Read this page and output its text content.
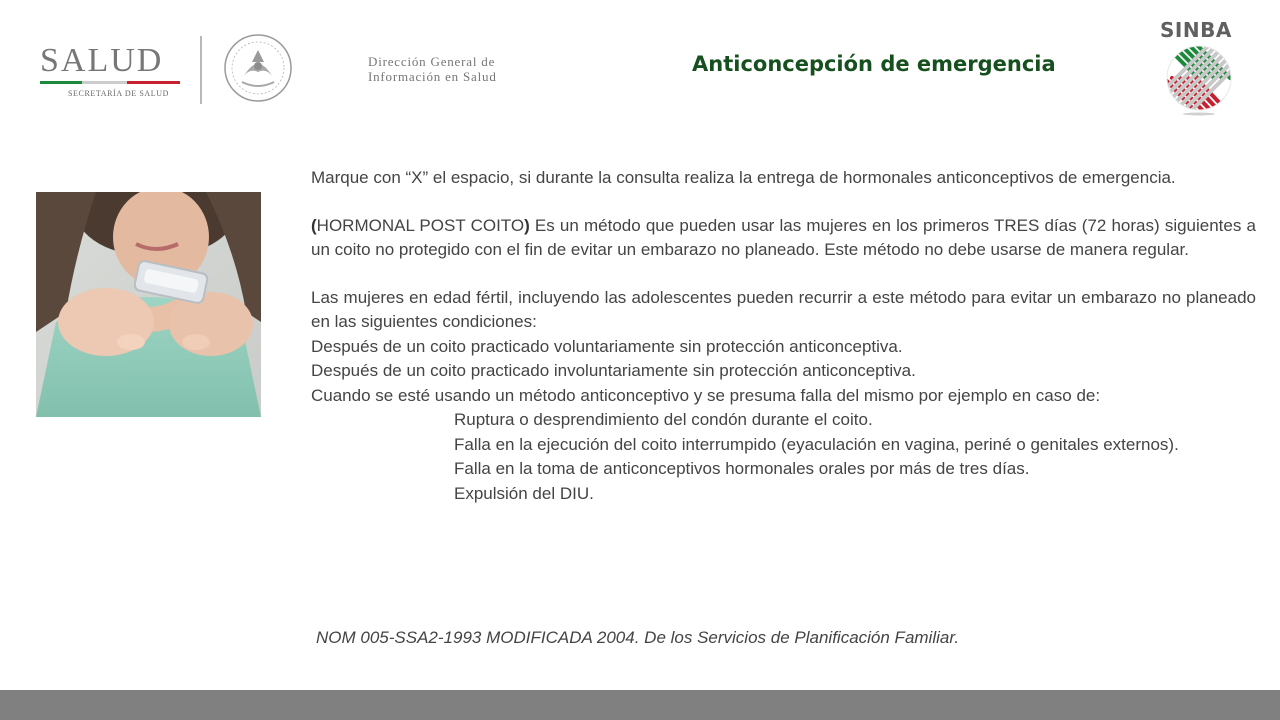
SALUD
SECRETARÍA DE SALUD
Dirección General de
Información en Salud
Anticoncepción de emergencia
SINBA

Marque con “X” el espacio, si durante la consulta realiza la entrega de hormonales anticonceptivos de emergencia.

(HORMONAL POST COITO) Es un método que pueden usar las mujeres en los primeros TRES días (72 horas) siguientes a un coito no protegido con el fin de evitar un embarazo no planeado. Este método no debe usarse de manera regular.

Las mujeres en edad fértil, incluyendo las adolescentes pueden recurrir a este método para evitar un embarazo no planeado en las siguientes condiciones:

Después de un coito practicado voluntariamente sin protección anticonceptiva.

Después de un coito practicado involuntariamente sin protección anticonceptiva.

Cuando se esté usando un método anticonceptivo y se presuma falla del mismo por ejemplo en caso de:

Ruptura o desprendimiento del condón durante el coito.

Falla en la ejecución del coito interrumpido (eyaculación en vagina, periné o genitales externos).

Falla en la toma de anticonceptivos hormonales orales por más de tres días.

Expulsión del DIU.

NOM 005-SSA2-1993 MODIFICADA 2004. De los Servicios de Planificación Familiar.
